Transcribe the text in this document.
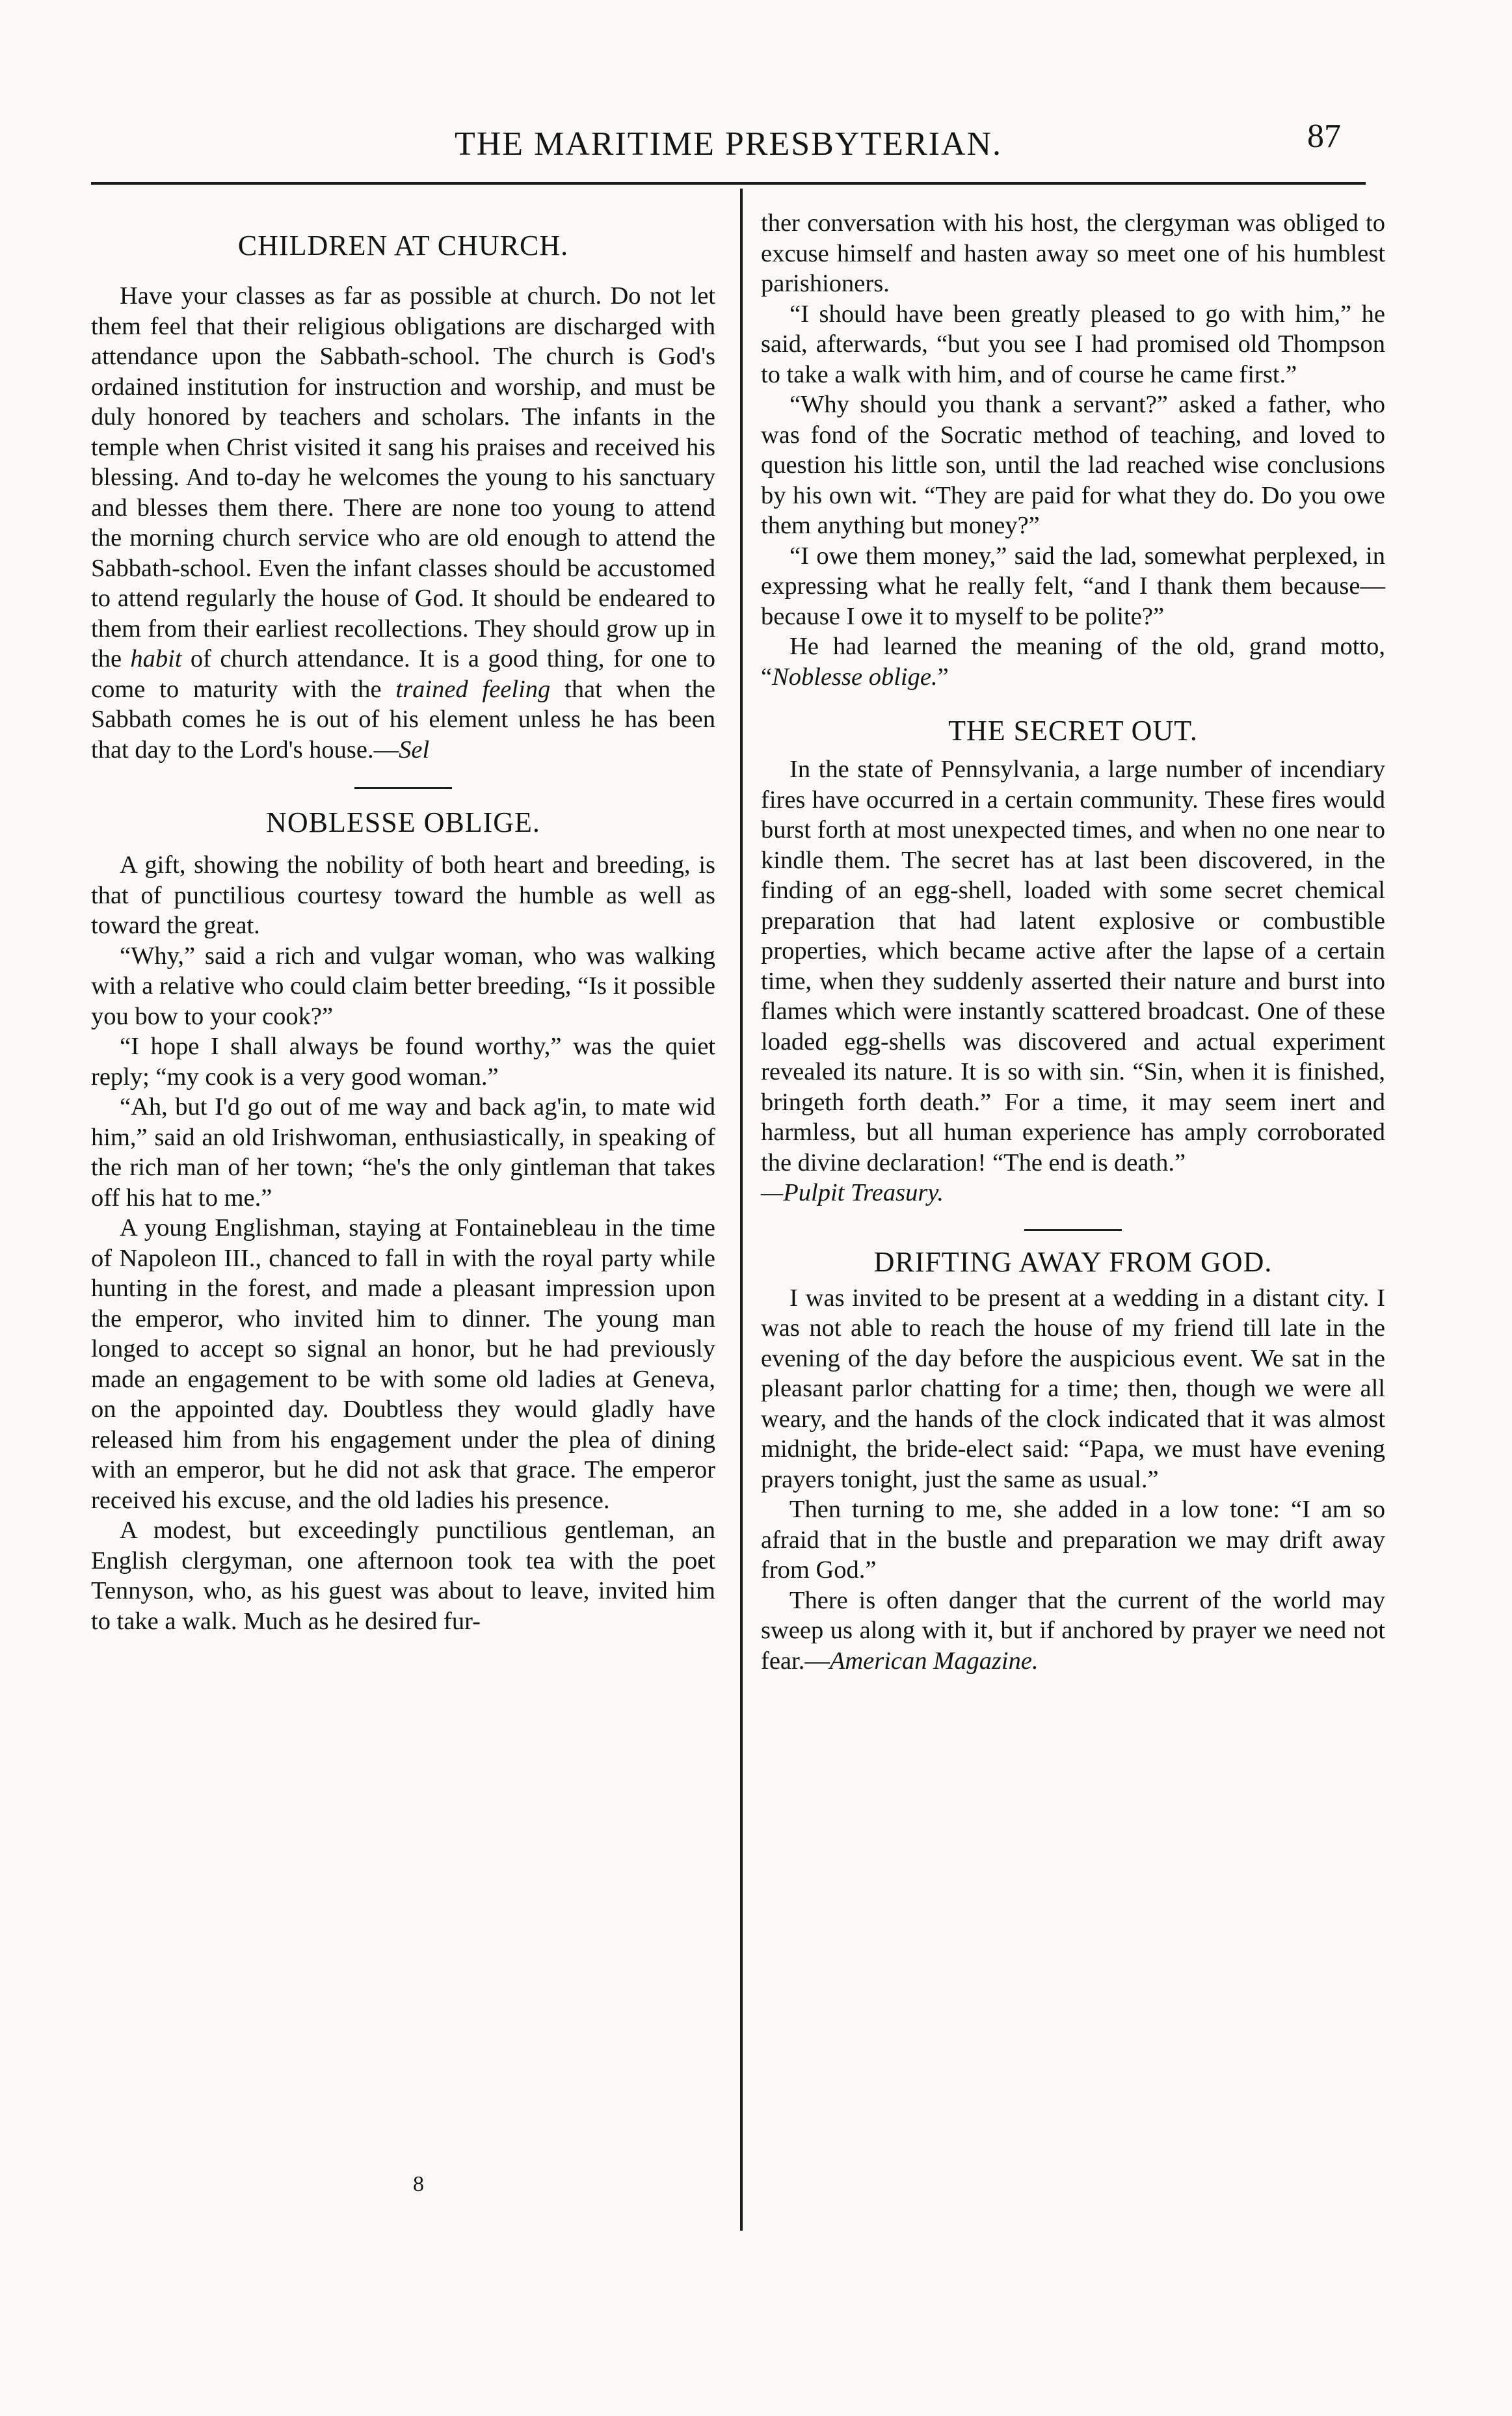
THE MARITIME PRESBYTERIAN.	87
CHILDREN AT CHURCH.

Have your classes as far as possible at church. Do not let them feel that their religious obligations are discharged with attendance upon the Sabbath-school. The church is God's ordained institution for instruction and worship, and must be duly honored by teachers and scholars. The infants in the temple when Christ visited it sang his praises and received his blessing. And to-day he welcomes the young to his sanctuary and blesses them there. There are none too young to attend the morning church service who are old enough to attend the Sabbath-school. Even the infant classes should be accustomed to attend regularly the house of God. It should be endeared to them from their earliest recollections. They should grow up in the habit of church attendance. It is a good thing, for one to come to maturity with the trained feeling that when the Sabbath comes he is out of his element unless he has been that day to the Lord's house.—Sel

NOBLESSE OBLIGE.

A gift, showing the nobility of both heart and breeding, is that of punctilious courtesy toward the humble as well as toward the great.

“Why,” said a rich and vulgar woman, who was walking with a relative who could claim better breeding, “Is it possible you bow to your cook?”

“I hope I shall always be found worthy,” was the quiet reply; “my cook is a very good woman.”

“Ah, but I'd go out of me way and back ag'in, to mate wid him,” said an old Irishwoman, enthusiastically, in speaking of the rich man of her town; “he's the only gintleman that takes off his hat to me.”

A young Englishman, staying at Fontainebleau in the time of Napoleon III., chanced to fall in with the royal party while hunting in the forest, and made a pleasant impression upon the emperor, who invited him to dinner. The young man longed to accept so signal an honor, but he had previously made an engagement to be with some old ladies at Geneva, on the appointed day. Doubtless they would gladly have released him from his engagement under the plea of dining with an emperor, but he did not ask that grace. The emperor received his excuse, and the old ladies his presence.

A modest, but exceedingly punctilious gentleman, an English clergyman, one afternoon took tea with the poet Tennyson, who, as his guest was about to leave, invited him to take a walk. Much as he desired fur-

8

ther conversation with his host, the clergyman was obliged to excuse himself and hasten away so meet one of his humblest parishioners.

“I should have been greatly pleased to go with him,” he said, afterwards, “but you see I had promised old Thompson to take a walk with him, and of course he came first.”

“Why should you thank a servant?” asked a father, who was fond of the Socratic method of teaching, and loved to question his little son, until the lad reached wise conclusions by his own wit. “They are paid for what they do. Do you owe them anything but money?”

“I owe them money,” said the lad, somewhat perplexed, in expressing what he really felt, “and I thank them because—because I owe it to myself to be polite?”

He had learned the meaning of the old, grand motto, “Noblesse oblige.”

THE SECRET OUT.

In the state of Pennsylvania, a large number of incendiary fires have occurred in a certain community. These fires would burst forth at most unexpected times, and when no one near to kindle them. The secret has at last been discovered, in the finding of an egg-shell, loaded with some secret chemical preparation that had latent explosive or combustible properties, which became active after the lapse of a certain time, when they suddenly asserted their nature and burst into flames which were instantly scattered broadcast. One of these loaded egg-shells was discovered and actual experiment revealed its nature. It is so with sin. “Sin, when it is finished, bringeth forth death.” For a time, it may seem inert and harmless, but all human experience has amply corroborated the divine declaration! “The end is death.”

—Pulpit Treasury.

DRIFTING AWAY FROM GOD.

I was invited to be present at a wedding in a distant city. I was not able to reach the house of my friend till late in the evening of the day before the auspicious event. We sat in the pleasant parlor chatting for a time; then, though we were all weary, and the hands of the clock indicated that it was almost midnight, the bride-elect said: “Papa, we must have evening prayers tonight, just the same as usual.”

Then turning to me, she added in a low tone: “I am so afraid that in the bustle and preparation we may drift away from God.”

There is often danger that the current of the world may sweep us along with it, but if anchored by prayer we need not fear.—American Magazine.
